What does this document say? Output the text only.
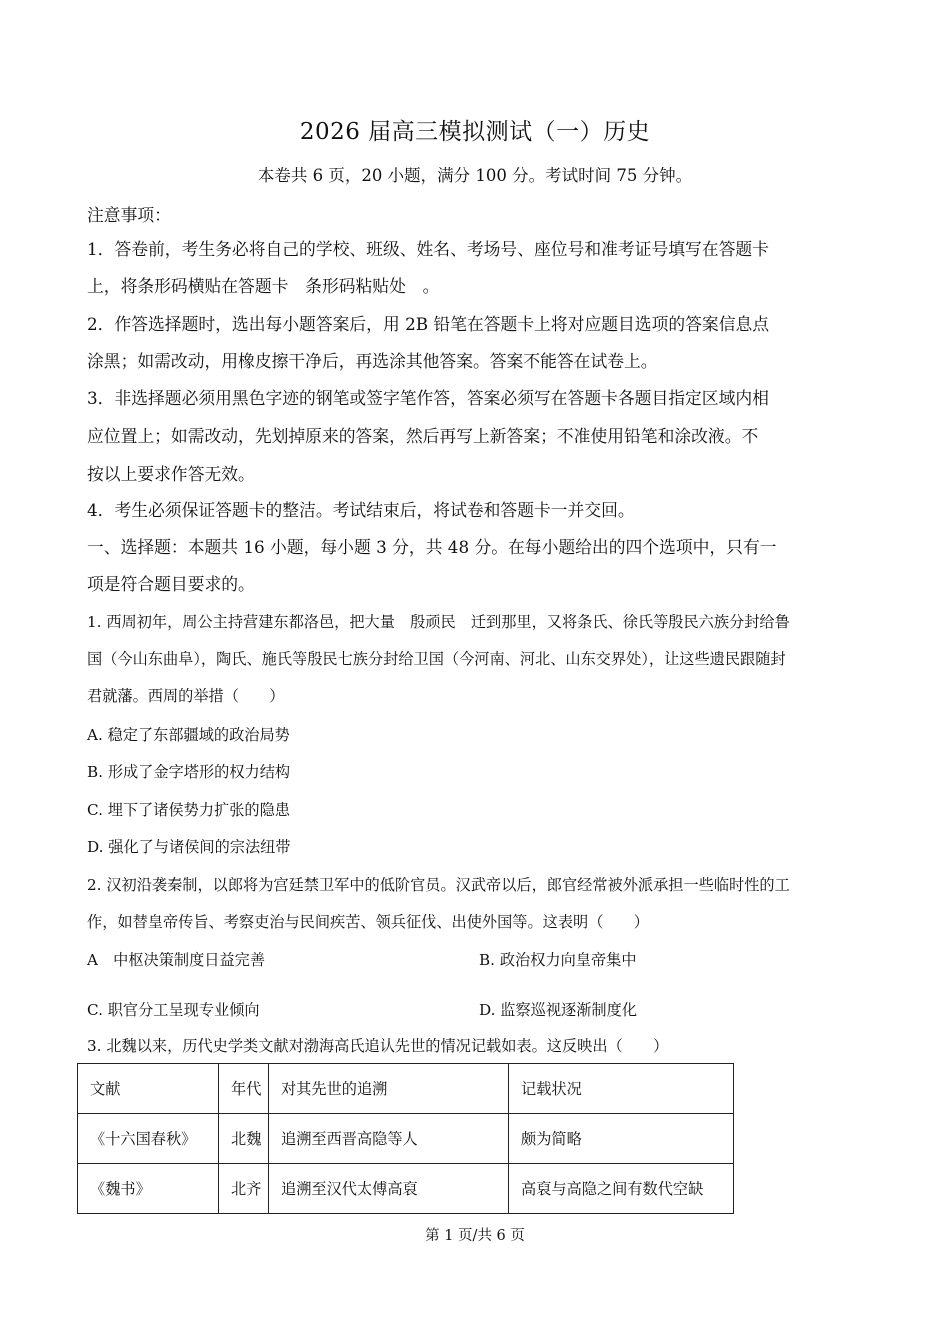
2026 届高三模拟测试（一）历史
本卷共 6 页，20 小题，满分 100 分。考试时间 75 分钟。

注意事项：

1．答卷前，考生务必将自己的学校、班级、姓名、考场号、座位号和准考证号填写在答题卡

上，将条形码横贴在答题卡　条形码粘贴处　。

2．作答选择题时，选出每小题答案后，用 2B 铅笔在答题卡上将对应题目选项的答案信息点

涂黑；如需改动，用橡皮擦干净后，再选涂其他答案。答案不能答在试卷上。

3．非选择题必须用黑色字迹的钢笔或签字笔作答，答案必须写在答题卡各题目指定区域内相

应位置上；如需改动，先划掉原来的答案，然后再写上新答案；不准使用铅笔和涂改液。不

按以上要求作答无效。

4．考生必须保证答题卡的整洁。考试结束后，将试卷和答题卡一并交回。

一、选择题：本题共 16 小题，每小题 3 分，共 48 分。在每小题给出的四个选项中，只有一

项是符合题目要求的。

1. 西周初年，周公主持营建东都洛邑，把大量　殷顽民　迁到那里，又将条氏、徐氏等殷民六族分封给鲁

国（今山东曲阜），陶氏、施氏等殷民七族分封给卫国（今河南、河北、山东交界处），让这些遗民跟随封

君就藩。西周的举措（　　）

A. 稳定了东部疆域的政治局势
B. 形成了金字塔形的权力结构
C. 埋下了诸侯势力扩张的隐患
D. 强化了与诸侯间的宗法纽带

2. 汉初沿袭秦制，以郎将为宫廷禁卫军中的低阶官员。汉武帝以后，郎官经常被外派承担一些临时性的工

作，如替皇帝传旨、考察吏治与民间疾苦、领兵征伐、出使外国等。这表明（　　）

A　中枢决策制度日益完善	B. 政治权力向皇帝集中
C. 职官分工呈现专业倾向	D. 监察巡视逐渐制度化

3. 北魏以来，历代史学类文献对渤海高氏追认先世的情况记载如表。这反映出（　　）

文献	年代	对其先世的追溯	记载状况
《十六国春秋》	北魏	追溯至西晋高隐等人	颇为简略
《魏书》	北齐	追溯至汉代太傅高裒	高裒与高隐之间有数代空缺
第 1 页/共 6 页
